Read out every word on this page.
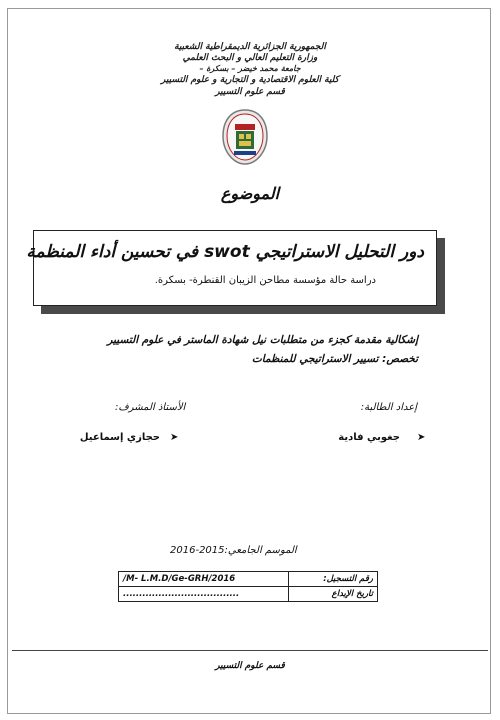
الجمهورية الجزائرية الديمقراطية الشعبية
وزارة التعليم العالي و البحث العلمي
جامعة محمد خيضر – بسكرة –
كلية العلوم الاقتصادية و التجارية و علوم التسيير
قسم علوم التسيير
الموضوع
دور التحليل الاستراتيجي swot في تحسين أداء المنظمة
دراسة حالة مؤسسة مطاحن الزيبان القنطرة- بسكرة.
إشكالية مقدمة كجزء من متطلبات نيل شهادة الماستر في علوم التسيير
تخصص: تسيير الاستراتيجي للمنظمات
إعداد الطالبة:
الأستاذ المشرف:
➤
جغوبي فادية
➤
حجازي إسماعيل
الموسم الجامعي:2015-2016
/M- L.M.D/Ge-GRH/2016	رقم التسجيل:
....................................	تاريخ الإيداع
قسم علوم التسيير
